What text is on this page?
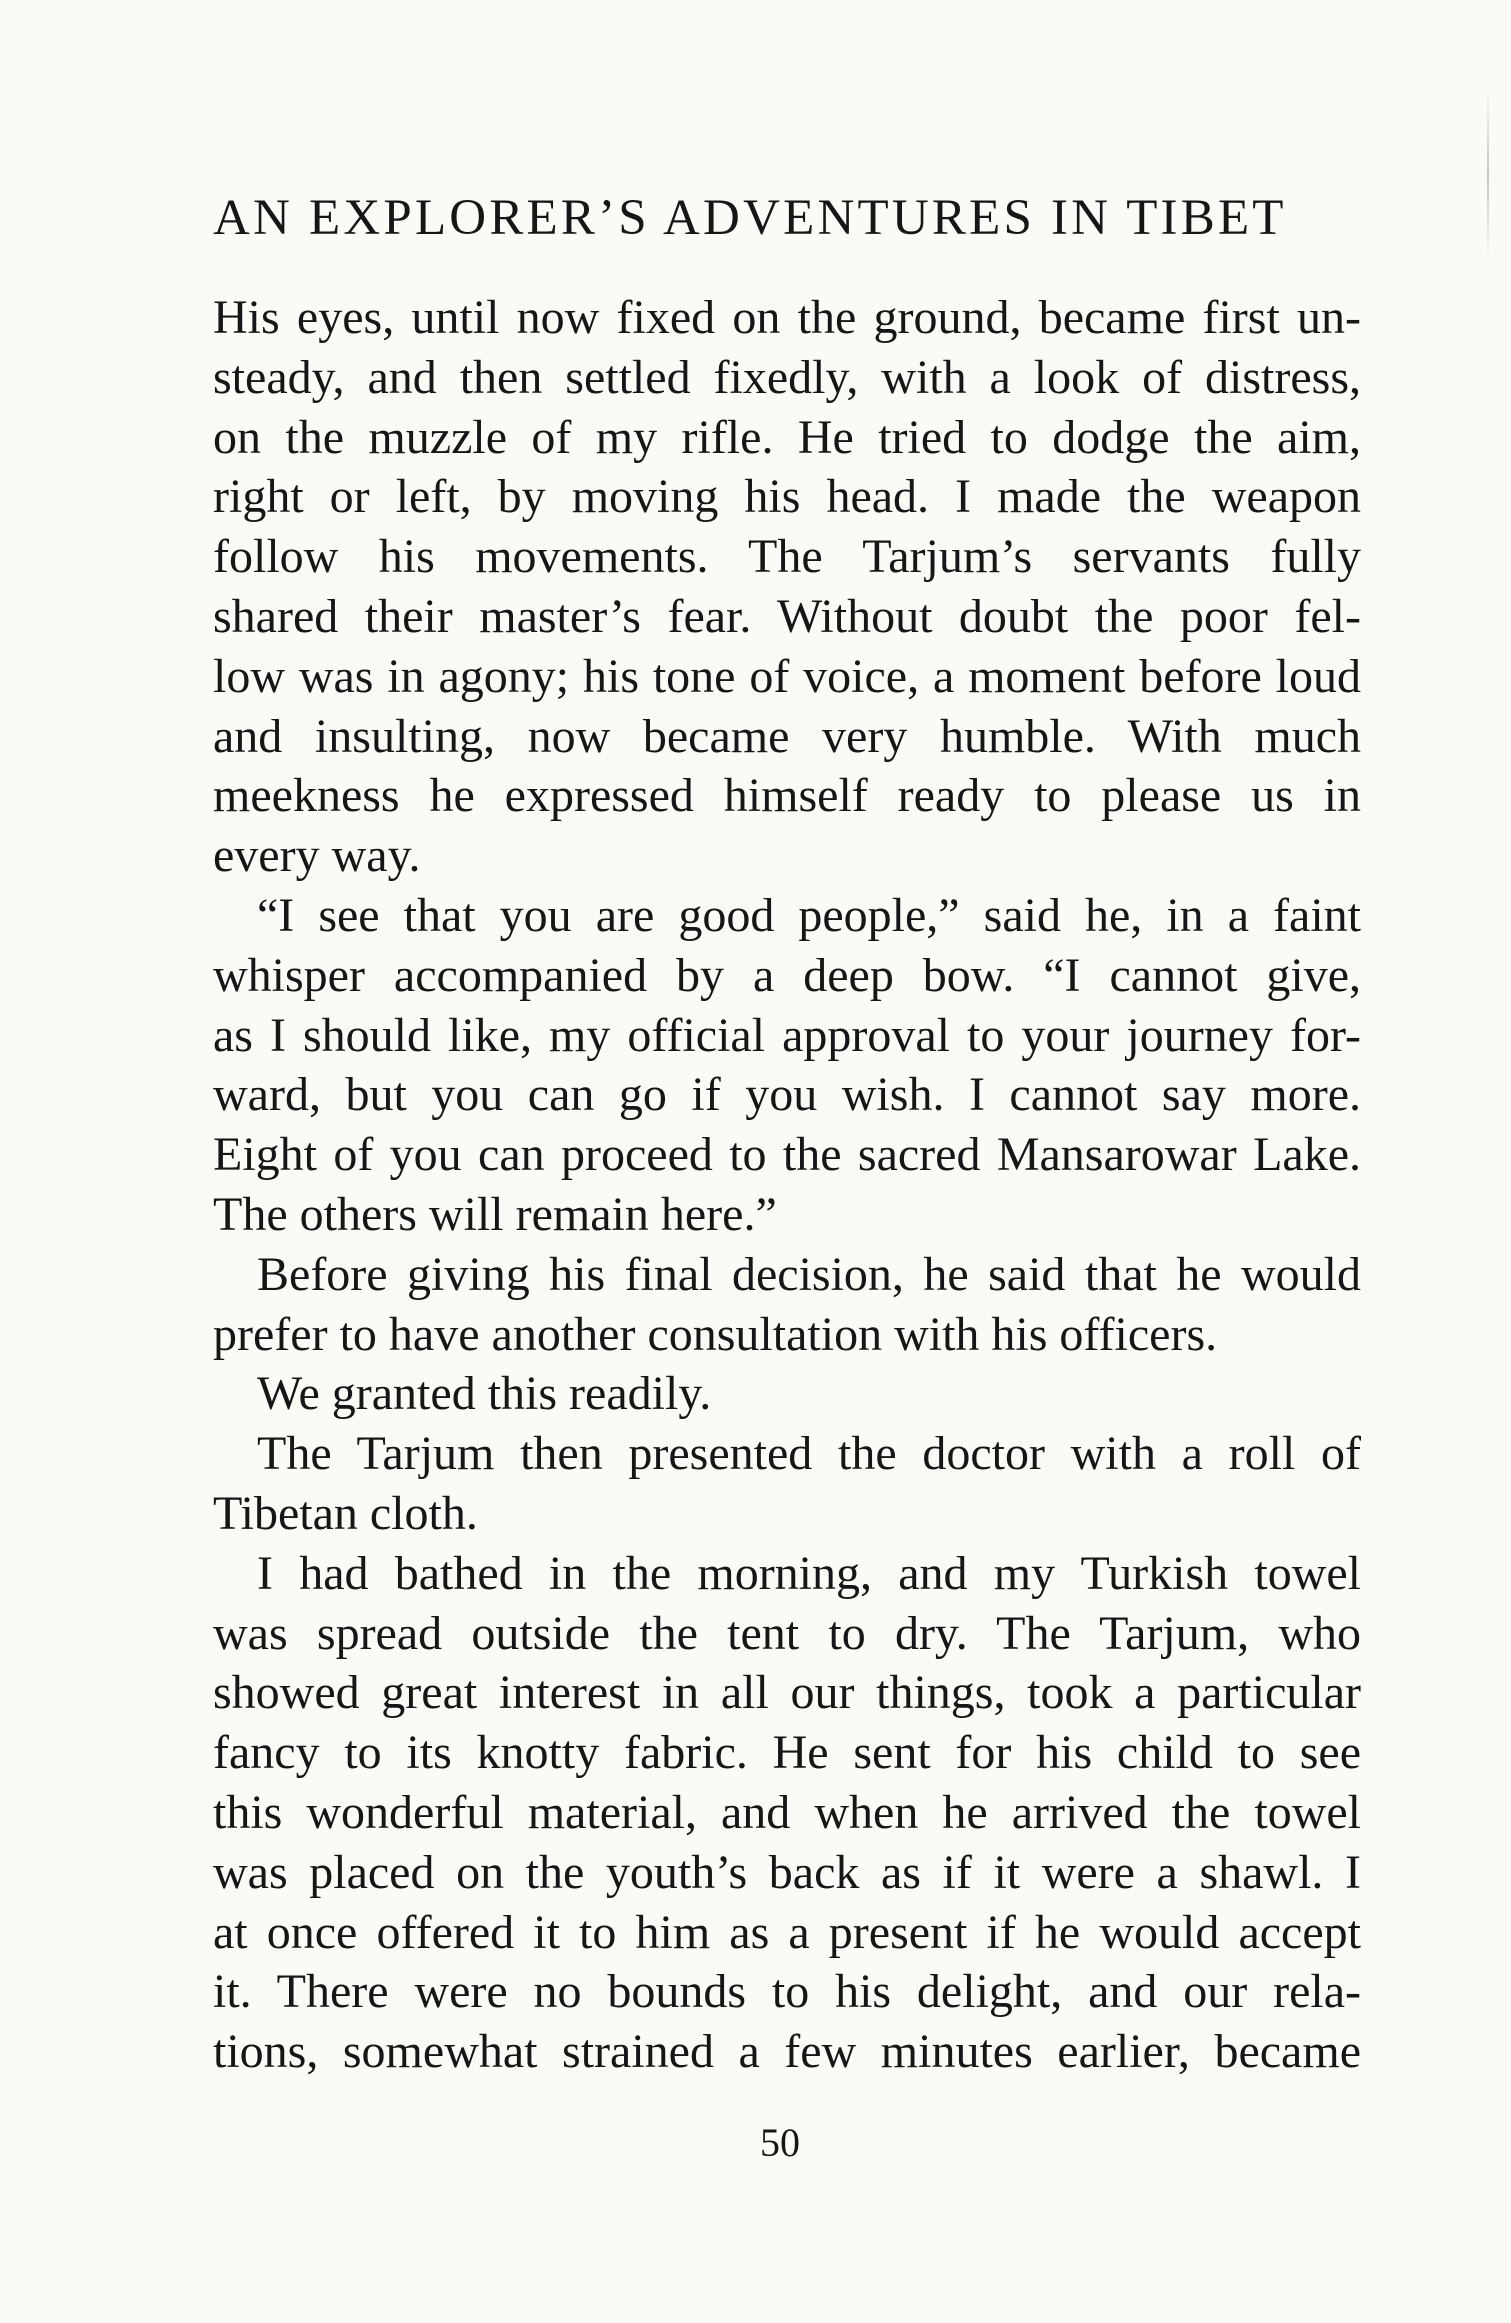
AN EXPLORER’S ADVENTURES IN TIBET
His eyes, until now fixed on the ground, became first un-
steady, and then settled fixedly, with a look of distress,
on the muzzle of my rifle. He tried to dodge the aim,
right or left, by moving his head. I made the weapon
follow his movements. The Tarjum’s servants fully
shared their master’s fear. Without doubt the poor fel-
low was in agony; his tone of voice, a moment before loud
and insulting, now became very humble. With much
meekness he expressed himself ready to please us in
every way.
“I see that you are good people,” said he, in a faint
whisper accompanied by a deep bow. “I cannot give,
as I should like, my official approval to your journey for-
ward, but you can go if you wish. I cannot say more.
Eight of you can proceed to the sacred Mansarowar Lake.
The others will remain here.”
Before giving his final decision, he said that he would
prefer to have another consultation with his officers.
We granted this readily.
The Tarjum then presented the doctor with a roll of
Tibetan cloth.
I had bathed in the morning, and my Turkish towel
was spread outside the tent to dry. The Tarjum, who
showed great interest in all our things, took a particular
fancy to its knotty fabric. He sent for his child to see
this wonderful material, and when he arrived the towel
was placed on the youth’s back as if it were a shawl. I
at once offered it to him as a present if he would accept
it. There were no bounds to his delight, and our rela-
tions, somewhat strained a few minutes earlier, became
50
